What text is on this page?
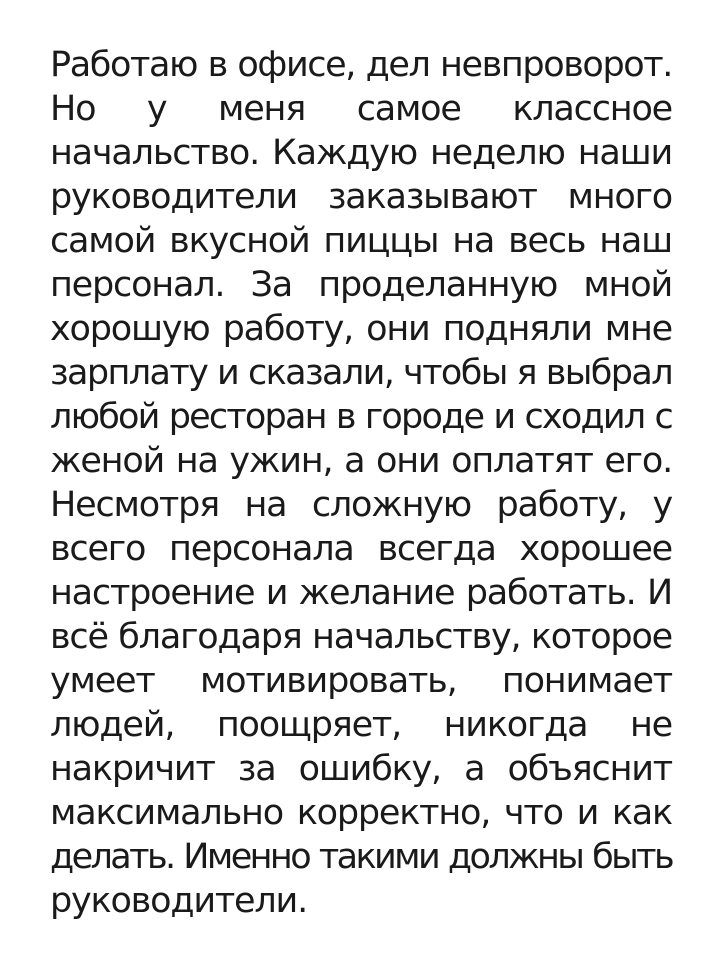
Работаю в офисе, дел невпроворот.
Но у меня самое классное
начальство. Каждую неделю наши
руководители заказывают много
самой вкусной пиццы на весь наш
персонал. За проделанную мной
хорошую работу, они подняли мне
зарплату и сказали, чтобы я выбрал
любой ресторан в городе и сходил с
женой на ужин, а они оплатят его.
Несмотря на сложную работу, у
всего персонала всегда хорошее
настроение и желание работать. И
всё благодаря начальству, которое
умеет мотивировать, понимает
людей, поощряет, никогда не
накричит за ошибку, а объяснит
максимально корректно, что и как
делать. Именно такими должны быть
руководители.
